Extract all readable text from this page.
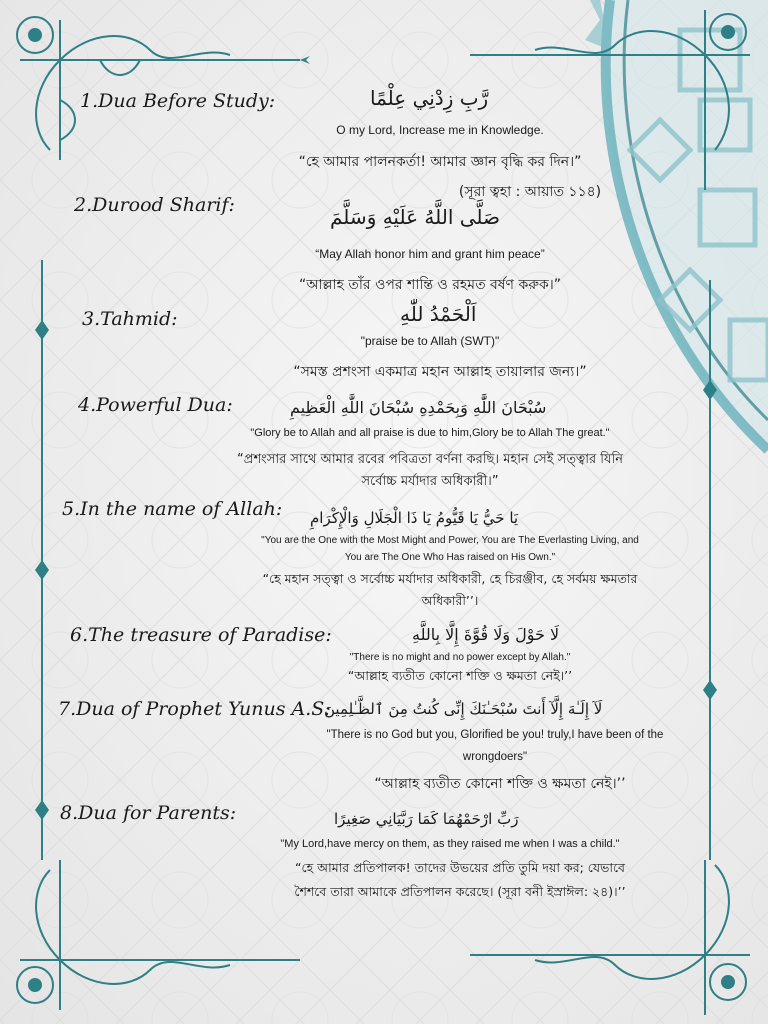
1.Dua Before Study:	رَّبِ زِدْنِي عِلْمًا
O my Lord, Increase me in Knowledge.
“হে আমার পালনকর্তা! আমার জ্ঞান বৃদ্ধি কর দিন।”
(সূরা ত্বহা : আয়াত ১১৪)
2.Durood Sharif:	صَلَّى اللَّهُ عَلَيْهِ وَسَلَّمَ
“May Allah honor him and grant him peace”
“আল্লাহ তাঁর ওপর শান্তি ও রহমত বর্ষণ করুক।”
3.Tahmid:	اَلْحَمْدُ للّٰهِ
"praise be to Allah (SWT)"
“সমস্ত প্রশংসা একমাত্র মহান আল্লাহ তায়ালার জন্য।”
4.Powerful Dua:	سُبْحَانَ اللَّٰهِ وَبِحَمْدِهِ سُبْحَانَ اللَّٰهِ الْعَظِيمِ
"Glory be to Allah and all praise is due to him,Glory be to Allah The great."
“প্রশংসার সাথে আমার রবের পবিত্রতা বর্ণনা করছি। মহান সেই সত্ত্বার যিনি
সর্বোচ্চ মর্যাদার অধিকারী।”
5.In the name of Allah: يَا حَيُّ يَا قَيُّومُ يَا ذَا الْجَلَالِ وَالْإِكْرَامِ
"You are the One with the Most Might and Power, You are The Everlasting Living, and
You are The One Who Has raised on His Own."
“হে মহান সত্ত্বা ও সর্বোচ্চ মর্যাদার অধিকারী, হে চিরঞ্জীব, হে সর্বময় ক্ষমতার
অধিকারী’’।
6.The treasure of Paradise:	لَا حَوْلَ وَلَا قُوَّةَ إِلَّا بِاللَّهِ
"There is no might and no power except by Allah."
“আল্লাহ ব্যতীত কোনো শক্তি ও ক্ষমতা নেই।’’
7.Dua of Prophet Yunus A.S:
لَآ إِلَـٰهَ إِلَّآ أَنتَ سُبْحَـٰنَكَ إِنِّى كُنتُ مِنَ ٱلظَّـٰلِمِينَ
"There is no God but you, Glorified be you! truly,I have been of the
wrongdoers"
“আল্লাহ ব্যতীত কোনো শক্তি ও ক্ষমতা নেই।’’
8.Dua for Parents:	رَبِّ ارْحَمْهُمَا كَمَا رَبَّيَانِي صَغِيرًا
"My Lord,have mercy on them, as they raised me when I was a child."
“হে আমার প্রতিপালক! তাদের উভয়ের প্রতি তুমি দয়া কর; যেভাবে
শৈশবে তারা আমাকে প্রতিপালন করেছে। (সূরা বনী ইস্রাঈল: ২৪)।’’
